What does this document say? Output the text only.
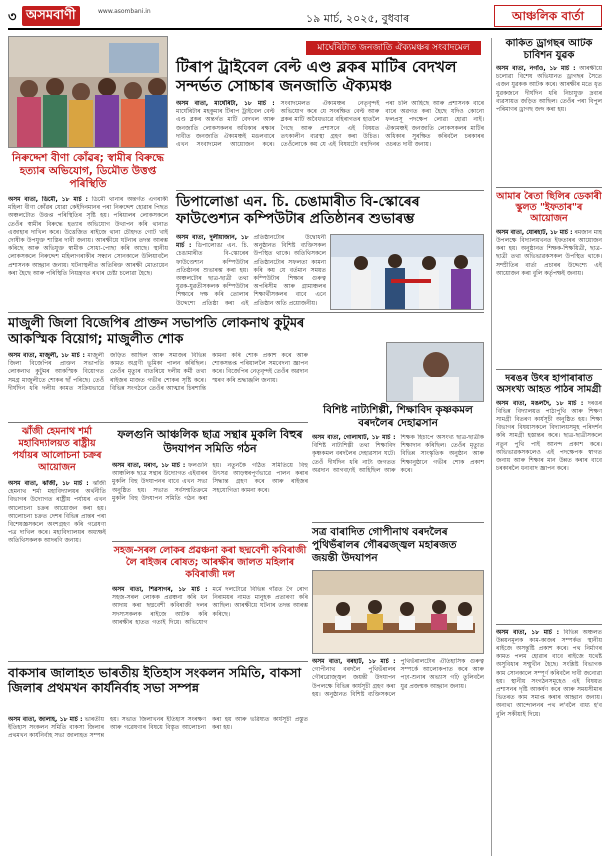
৩ অসমবাণী	www.asombani.in
১৯ মাৰ্চ, ২০২৫, বুধবাৰ	আঞ্চলিক বাৰ্তা
মাৰ্ঘেৰিটাত জনজাতি ঐক্যমঞ্চৰ সংবাদমেল
টিৰাপ ট্ৰাইবেল বেল্ট এণ্ড ব্লকৰ মাটিৰ বেদখল সন্দৰ্ভত সোচ্চাৰ জনজাতি ঐক্যমঞ্চ

অসম বাতা, মাৰ্ঘেৰিটা, ১৮ মাৰ্চ : মাৰ্ঘেৰিটাৰ মহকুমাৰ টিৰাপ ট্ৰাইবেল বেল্ট এণ্ড ব্লকৰ অন্তৰ্গত মাটি বেদখল আৰু জনজাতি লোকসকলৰ অধিকাৰ ৰক্ষাৰ দাবীত জনজাতি ঐক্যমঞ্চই মঙলবাৰে এখন সংবাদমেল আয়োজন কৰে। সংবাদমেলত ঐক্যমঞ্চৰ নেতৃবৃন্দই অভিযোগ কৰে যে সংৰক্ষিত বেল্ট আৰু ব্লকৰ মাটি অবৈধভাৱে বহিৰাগতৰ হাতলৈ গৈছে আৰু প্ৰশাসনে এই বিষয়ত তৎকালীন ব্যৱস্থা গ্ৰহণ কৰা উচিত। তেওঁলোকে কয় যে এই বিষয়টো বহুদিনৰ পৰা চলি আহিছে আৰু প্ৰশাসনক বাৰে বাৰে অৱগত কৰা হৈছে যদিও কোনো ফলপ্ৰসূ পদক্ষেপ লোৱা হোৱা নাই। ঐক্যমঞ্চই জনজাতি লোকসকলৰ মাটিৰ অধিকাৰ সুৰক্ষিত কৰিবলৈ চৰকাৰৰ ওচৰত দাবী জনায়।

নিৰুদ্দেশ বীণা কোঁৱৰ; স্বামীৰ বিৰুদ্ধে হত্যাৰ অভিযোগ, ডিমৌত উত্তপ্ত পৰিস্থিতি

অসম বাতা, ডিমৌ, ১৮ মাৰ্চ : ডিমৌ থানাৰ অন্তৰ্গত এগৰাকী মহিলা বীণা কোঁৱৰ যোৱা কেইদিনমানৰ পৰা নিৰুদ্দেশ হোৱাৰ পিছত অঞ্চলটোত উত্তপ্ত পৰিস্থিতিৰ সৃষ্টি হয়। পৰিয়ালৰ লোকসকলে তেওঁৰ স্বামীৰ বিৰুদ্ধে হত্যাৰ অভিযোগ উত্থাপন কৰি থানাত এজাহাৰ দাখিল কৰে। উত্তেজিত ৰাইজে থানা চৌহদত গোট খাই দোষীক উপযুক্ত শাস্তিৰ দাবী জনায়। আৰক্ষীয়ে ঘটনাৰ তদন্ত আৰম্ভ কৰিছে আৰু অভিযুক্ত স্বামীক সোধা-পোছা কৰি আছে। স্থানীয় লোকসকলে নিৰুদ্দেশ মহিলাগৰাকীৰ সন্ধান সোনকালে উলিয়াবলৈ প্ৰশাসনক আহ্বান জনায়। ঘটনাস্থলীত অতিৰিক্ত আৰক্ষী মোতায়েন কৰা হৈছে আৰু পৰিস্থিতি নিয়ন্ত্ৰণত ৰখাৰ চেষ্টা চলোৱা হৈছে।

ডিপালোঙা এন. চি. চেঙামাৰীত বি-স্কোৰেৰ ফাউণ্ডেশ্যন কম্পিউটাৰ প্ৰতিষ্ঠানৰ শুভাৰম্ভ

অসম বাতা, দুলীয়াজান, ১৮ মাৰ্চ : ডিপালোঙা এন. চি. চেঙামাৰীত বি-স্কোৰেৰ ফাউণ্ডেশ্যন কম্পিউটাৰ প্ৰতিষ্ঠানৰ শুভাৰম্ভ কৰা হয়। অঞ্চলটোৰ ছাত্ৰ-ছাত্ৰী তথা যুৱক-যুৱতীসকলক কম্পিউটাৰ শিক্ষাৰে দক্ষ কৰি তোলাৰ উদ্দেশ্যে প্ৰতিষ্ঠা কৰা এই প্ৰতিষ্ঠানটোৰ উদ্বোধনী অনুষ্ঠানত বিশিষ্ট ব্যক্তিসকল উপস্থিত থাকে। অতিথিসকলে প্ৰতিষ্ঠানটোৰ সফলতা কামনা কৰি কয় যে বৰ্তমান সময়ত কম্পিউটাৰ শিক্ষাৰ গুৰুত্ব অপৰিসীম আৰু গ্ৰামাঞ্চলৰ শিক্ষাৰ্থীসকলৰ বাবে এনে প্ৰতিষ্ঠান অতি প্ৰয়োজনীয়।

মাজুলী জিলা বিজেপিৰ প্ৰাক্তন সভাপতি লোকনাথ কুটুমৰ আকস্মিক বিয়োগ; মাজুলীত শোক

অসম বাতা, মাজুলী, ১৮ মাৰ্চ : মাজুলী জিলা বিজেপিৰ প্ৰাক্তন সভাপতি লোকনাথ কুটুমৰ আকস্মিক বিয়োগত সমগ্ৰ মাজুলীতে শোকৰ ছাঁ পৰিছে। তেওঁ দীৰ্ঘদিন ধৰি দলীয় কামত সক্ৰিয়ভাৱে জড়িত আছিল আৰু সমাজৰ বিভিন্ন কামত অগ্ৰণী ভূমিকা পালন কৰিছিল। তেওঁৰ মৃত্যুৰ বাতৰিয়ে দলীয় কৰ্মী তথা ৰাইজৰ মাজত গভীৰ শোকৰ সৃষ্টি কৰে। বিভিন্ন সংগঠনে তেওঁৰ আত্মাৰ চিৰশান্তি কামনা কৰি শোক প্ৰকাশ কৰে আৰু শোকসন্তপ্ত পৰিয়াললৈ সমবেদনা জ্ঞাপন কৰে। বিজেপিৰ নেতৃবৃন্দই তেওঁৰ অৱদান স্মৰণ কৰি শ্ৰদ্ধাঞ্জলি জনায়।

বিশিষ্ট নাট্যশিল্পী, শিক্ষাবিদ কৃষ্ণকমল বৰদলৈৰ দেহাৱসান

অসম বাতা, গোলাঘাট, ১৮ মাৰ্চ : বিশিষ্ট নাট্যশিল্পী তথা শিক্ষাবিদ কৃষ্ণকমল বৰদলৈৰ দেহাৱসান ঘটে। তেওঁ দীৰ্ঘদিন ধৰি নাট্য জগতত অৱদান আগবঢ়াই আহিছিল আৰু শিক্ষক হিচাপে অসংখ্য ছাত্ৰ-ছাত্ৰীক শিক্ষাদান কৰিছিল। তেওঁৰ মৃত্যুত বিভিন্ন সাংস্কৃতিক অনুষ্ঠান আৰু শিক্ষানুষ্ঠানে গভীৰ শোক প্ৰকাশ কৰে।

ঝাঁজী হেমনাথ শৰ্মা মহাবিদ্যালয়ত ৰাষ্ট্ৰীয় পৰ্যায়ৰ আলোচনা চক্ৰৰ আয়োজন

অসম বাতা, ঝাঁজী, ১৮ মাৰ্চ : ঝাঁজী হেমনাথ শৰ্মা মহাবিদ্যালয়ৰ অৰ্থনীতি বিভাগৰ উদ্যোগত ৰাষ্ট্ৰীয় পৰ্যায়ৰ এখন আলোচনা চক্ৰৰ আয়োজন কৰা হয়। আলোচনা চক্ৰত দেশৰ বিভিন্ন প্ৰান্তৰ পৰা বিশেষজ্ঞসকলে অংশগ্ৰহণ কৰি গৱেষণা পত্ৰ দাখিল কৰে। মহাবিদ্যালয়ৰ অধ্যক্ষই অতিথিসকলক আদৰণি জনায়।

ফলগুনি আঞ্চলিক ছাত্ৰ সন্থাৰ মুকলি বিহুৰ উদযাপন সমিতি গঠন

অসম বাতা, মৰাণ, ১৮ মাৰ্চ : ফলগুনি আঞ্চলিক ছাত্ৰ সন্থাৰ উদ্যোগত এইবাৰৰ মুকলি বিহু উদযাপনৰ বাবে এখন সভা অনুষ্ঠিত হয়। সভাত সৰ্বসন্মতিক্ৰমে মুকলি বিহু উদযাপন সমিতি গঠন কৰা হয়। নতুনকৈ গঠিত সমিতিয়ে বিহু উৎসৱ আড়ম্বৰপূৰ্ণভাৱে পালন কৰাৰ সিদ্ধান্ত গ্ৰহণ কৰে আৰু ৰাইজৰ সহযোগিতা কামনা কৰে।

সহজ-সৰল লোকৰ প্ৰৱঞ্চনা কৰা ছদ্মবেশী কবিৰাজী লৈ ৰাইজৰ ৰোষত; আৰক্ষীৰ জালত মহিলাৰ কবিৰাজী দল

অসম বাতা, শিৱসাগৰ, ১৮ মাৰ্চ : সহজ-সৰল লোকক প্ৰৱঞ্চনা কৰি ধন আদায় কৰা ছদ্মবেশী কবিৰাজী দলৰ সদস্যসকলক ৰাইজে আটক কৰি আৰক্ষীৰ হাতত গতাই দিয়ে। অভিযোগ মৰ্মে দলটোৱে বিভিন্ন গাঁৱত গৈ ৰোগ নিৰাময়ৰ নামত মানুহক প্ৰতাৰণা কৰি আছিল। আৰক্ষীয়ে ঘটনাৰ তদন্ত আৰম্ভ কৰিছে।

সত্ৰ বাৰাদিত গোপীনাথ বৰদলৈৰ পুথিভঁৰালৰ গৌৰৱজ্জ্বল মহাৰজত জয়ন্তী উদযাপন

অসম বাতা, বৰহাট, ১৮ মাৰ্চ : গোপীনাথ বৰদলৈ পুথিভঁৰালৰ গৌৰৱোজ্জ্বল জয়ন্তী উদযাপন উপলক্ষে বিভিন্ন কাৰ্যসূচী গ্ৰহণ কৰা হয়। অনুষ্ঠানত বিশিষ্ট ব্যক্তিসকলে পুথিভঁৰালটোৰ ঐতিহাসিক গুৰুত্ব সম্পৰ্কে আলোকপাত কৰে আৰু পঢ়া-শুনাৰ অভ্যাস গঢ়ি তুলিবলৈ যুৱ প্ৰজন্মক আহ্বান জনায়।

বাকসাৰ জালাহত ভাৰতীয় ইতিহাস সংকলন সমিতি, বাকসা জিলাৰ প্ৰথমখন কাৰ্যনিৰ্বাহ সভা সম্পন্ন

অসম বাতা, জালাহ, ১৮ মাৰ্চ : ভাৰতীয় ইতিহাস সংকলন সমিতি বাকসা জিলাৰ প্ৰথমখন কাৰ্যনিৰ্বাহ সভা জালাহত সম্পন্ন হয়। সভাত জিলাখনৰ ইতিহাস সংৰক্ষণ আৰু গৱেষণাৰ বিষয়ে বিস্তৃত আলোচনা কৰা হয় আৰু ভৱিষ্যত কাৰ্যসূচী প্ৰস্তুত কৰা হয়।

কাকিত ড্ৰাগছৰ আটক চাবিশন যুৱক

অসম বাতা, নগাঁও, ১৮ মাৰ্চ : আৰক্ষীয়ে চলোৱা বিশেষ অভিযানত ড্ৰাগছৰ সৈতে এজন যুৱকক আটক কৰে। আৰক্ষীৰ মতে ধৃত যুৱকজনে দীৰ্ঘদিন ধৰি নিচাযুক্ত দ্ৰব্যৰ ব্যৱসায়ত জড়িত আছিল। তেওঁৰ পৰা বিপুল পৰিমাণৰ ড্ৰাগছ জব্দ কৰা হয়।

আমাৰ ৰৈতা ছিলিৰ ডেকাৰী স্কুলত "ইফতাৰ"ৰ আয়োজন

অসম বাতা, যোৰহাট, ১৮ মাৰ্চ : ৰমজান মাহ উপলক্ষে বিদ্যালয়খনত ইফতাৰৰ আয়োজন কৰা হয়। অনুষ্ঠানত শিক্ষক-শিক্ষয়িত্ৰী, ছাত্ৰ-ছাত্ৰী তথা অভিভাৱকসকল উপস্থিত থাকে। সম্প্ৰীতিৰ বাৰ্তা প্ৰচাৰৰ উদ্দেশ্যে এই আয়োজন কৰা বুলি কৰ্তৃপক্ষই জনায়।

দৰঙৰ উৎৰ হাপাৰাৰাত অসংখ্য আহত পাঠৰ সামগ্ৰী

অসম বাতা, মঙলদৈ, ১৮ মাৰ্চ : দৰঙৰ বিভিন্ন বিদ্যালয়ত পাঠ্যপুথি আৰু শিক্ষণ সামগ্ৰী বিতৰণ কাৰ্যসূচী অনুষ্ঠিত হয়। শিক্ষা বিভাগৰ বিষয়াসকলে বিদ্যালয়সমূহ পৰিদৰ্শন কৰি সামগ্ৰী হস্তান্তৰ কৰে। ছাত্ৰ-ছাত্ৰীসকলে নতুন পুথি পাই আনন্দ প্ৰকাশ কৰে। অভিভাৱকসকলেও এই পদক্ষেপক স্বাগত জনায় আৰু শিক্ষাৰ মান উন্নত কৰাৰ বাবে চৰকাৰলৈ ধন্যবাদ জ্ঞাপন কৰে।

অসম বাতা, ১৮ মাৰ্চ : বিভিন্ন অঞ্চলত উন্নয়নমূলক কাম-কাজৰ সম্পৰ্কত স্থানীয় ৰাইজে অসন্তুষ্টি প্ৰকাশ কৰে। পথ নিৰ্মাণৰ কামত পলম হোৱাৰ বাবে ৰাইজে যথেষ্ট অসুবিধাৰ সন্মুখীন হৈছে। সংশ্লিষ্ট বিভাগক কাম সোনকালে সম্পূৰ্ণ কৰিবলৈ দাবী জনোৱা হয়। স্থানীয় সংগঠনসমূহেও এই বিষয়ত প্ৰশাসনৰ দৃষ্টি আকৰ্ষণ কৰে আৰু সময়সীমাৰ ভিতৰত কাম সমাপ্ত কৰাৰ আহ্বান জনায়। অন্যথা আন্দোলনৰ পথ ল'বলৈ বাধ্য হ'ব বুলি সকীয়াই দিয়ে।
